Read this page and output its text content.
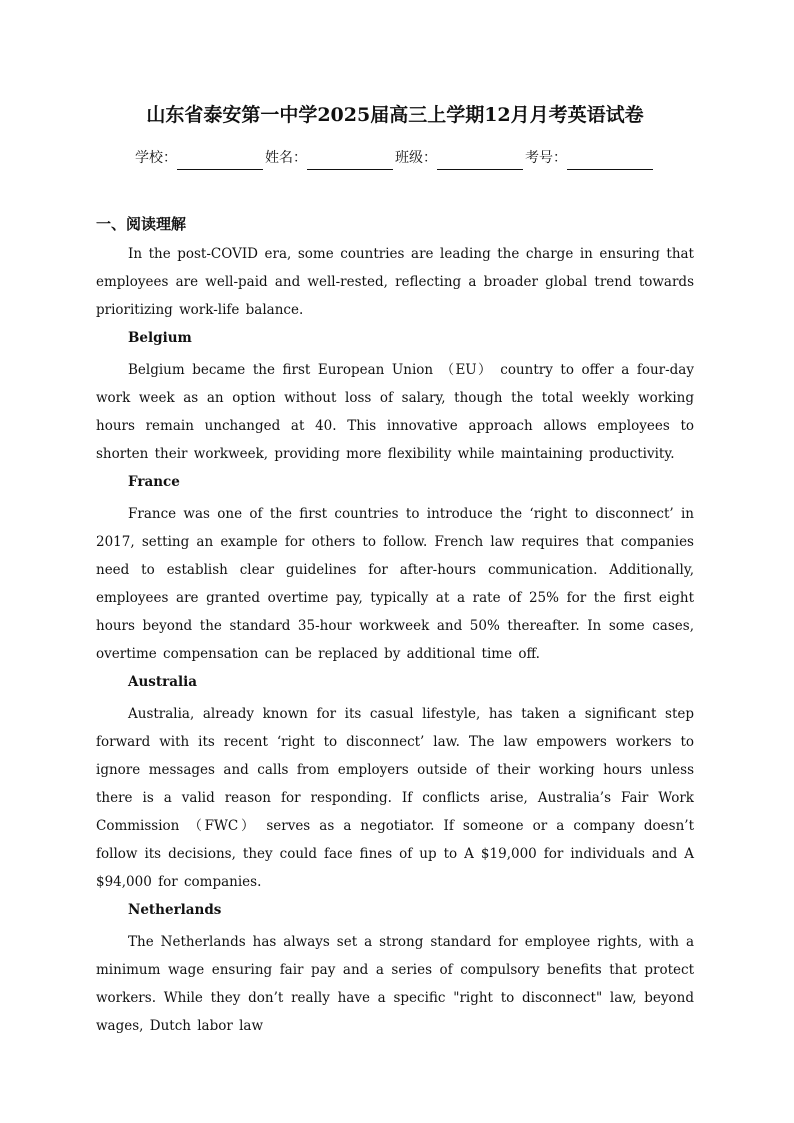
山东省泰安第一中学2025届高三上学期12月月考英语试卷
学校：	姓名：	班级：	考号：
一、阅读理解

In the post-COVID era, some countries are leading the charge in ensuring that employees are well-paid and well-rested, reflecting a broader global trend towards prioritizing work-life balance.

Belgium

Belgium became the first European Union （EU） country to offer a four-day work week as an option without loss of salary, though the total weekly working hours remain unchanged at 40. This innovative approach allows employees to shorten their workweek, providing more flexibility while maintaining productivity.

France

France was one of the first countries to introduce the ‘right to disconnect’ in 2017, setting an example for others to follow. French law requires that companies need to establish clear guidelines for after-hours communication. Additionally, employees are granted overtime pay, typically at a rate of 25% for the first eight hours beyond the standard 35-hour workweek and 50% thereafter. In some cases, overtime compensation can be replaced by additional time off.

Australia

Australia, already known for its casual lifestyle, has taken a significant step forward with its recent ‘right to disconnect’ law. The law empowers workers to ignore messages and calls from employers outside of their working hours unless there is a valid reason for responding. If conflicts arise, Australia’s Fair Work Commission （FWC） serves as a negotiator. If someone or a company doesn’t follow its decisions, they could face fines of up to A $19,000 for individuals and A $94,000 for companies.

Netherlands

The Netherlands has always set a strong standard for employee rights, with a minimum wage ensuring fair pay and a series of compulsory benefits that protect workers. While they don’t really have a specific "right to disconnect" law, beyond wages, Dutch labor law
